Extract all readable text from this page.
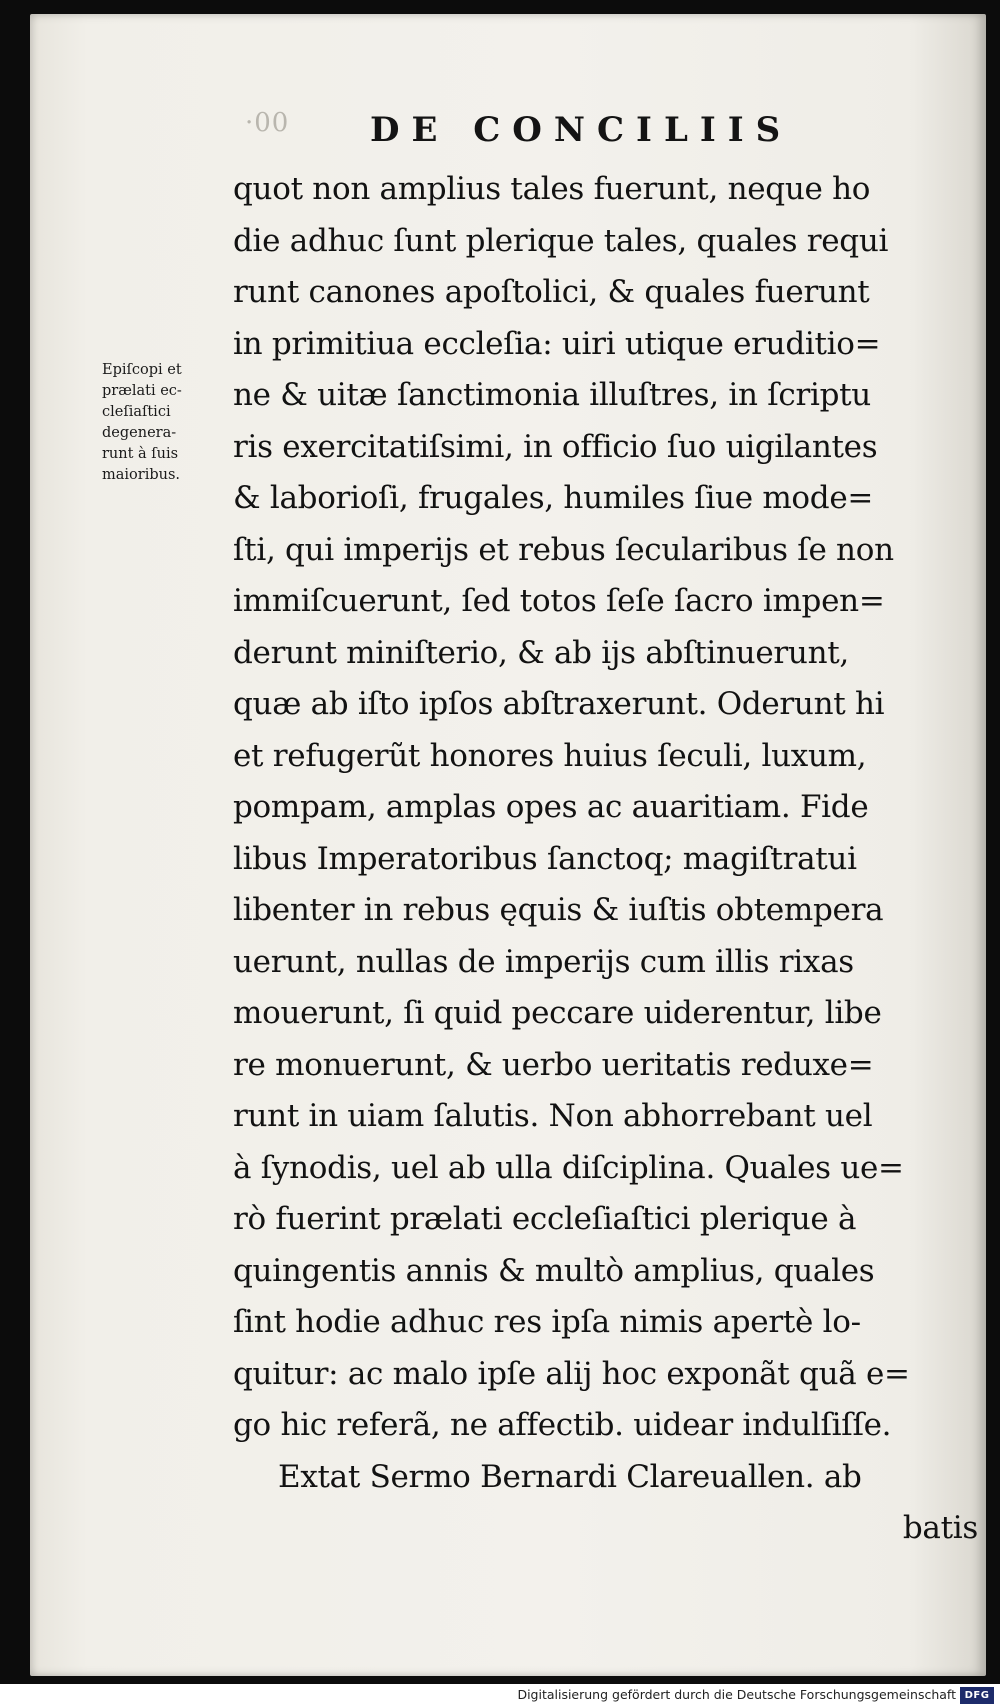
·00 DE CONCILIIS
Epiſcopi et
prælati ec-
cleſiaſtici
degenera-
runt à ſuis
maioribus.
quot non amplius tales fuerunt, neque ho
die adhuc ſunt plerique tales, quales requi
runt canones apoſtolici, & quales fuerunt
in primitiua eccleſia: uiri utique eruditio=
ne & uitæ ſanctimonia illuſtres, in ſcriptu
ris exercitatiſsimi, in officio ſuo uigilantes
& laborioſi, frugales, humiles ſiue mode=
ſti, qui imperijs et rebus ſecularibus ſe non
immiſcuerunt, ſed totos ſeſe ſacro impen=
derunt miniſterio, & ab ijs abſtinuerunt,
quæ ab iſto ipſos abſtraxerunt. Oderunt hi
et refugerũt honores huius ſeculi, luxum,
pompam, amplas opes ac auaritiam. Fide
libus Imperatoribus ſanctoq; magiſtratui
libenter in rebus ęquis & iuſtis obtempera
uerunt, nullas de imperijs cum illis rixas
mouerunt, ſi quid peccare uiderentur, libe
re monuerunt, & uerbo ueritatis reduxe=
runt in uiam ſalutis. Non abhorrebant uel
à ſynodis, uel ab ulla diſciplina. Quales ue=
rò fuerint prælati eccleſiaſtici plerique à
quingentis annis & multò amplius, quales
ſint hodie adhuc res ipſa nimis apertè lo-
quitur: ac malo ipſe alij hoc exponãt quã e=
go hic referã, ne affectib. uidear indulſiſſe.
Extat Sermo Bernardi Clareuallen. ab
batis
Digitalisierung gefördert durch die Deutsche Forschungsgemeinschaft DFG
